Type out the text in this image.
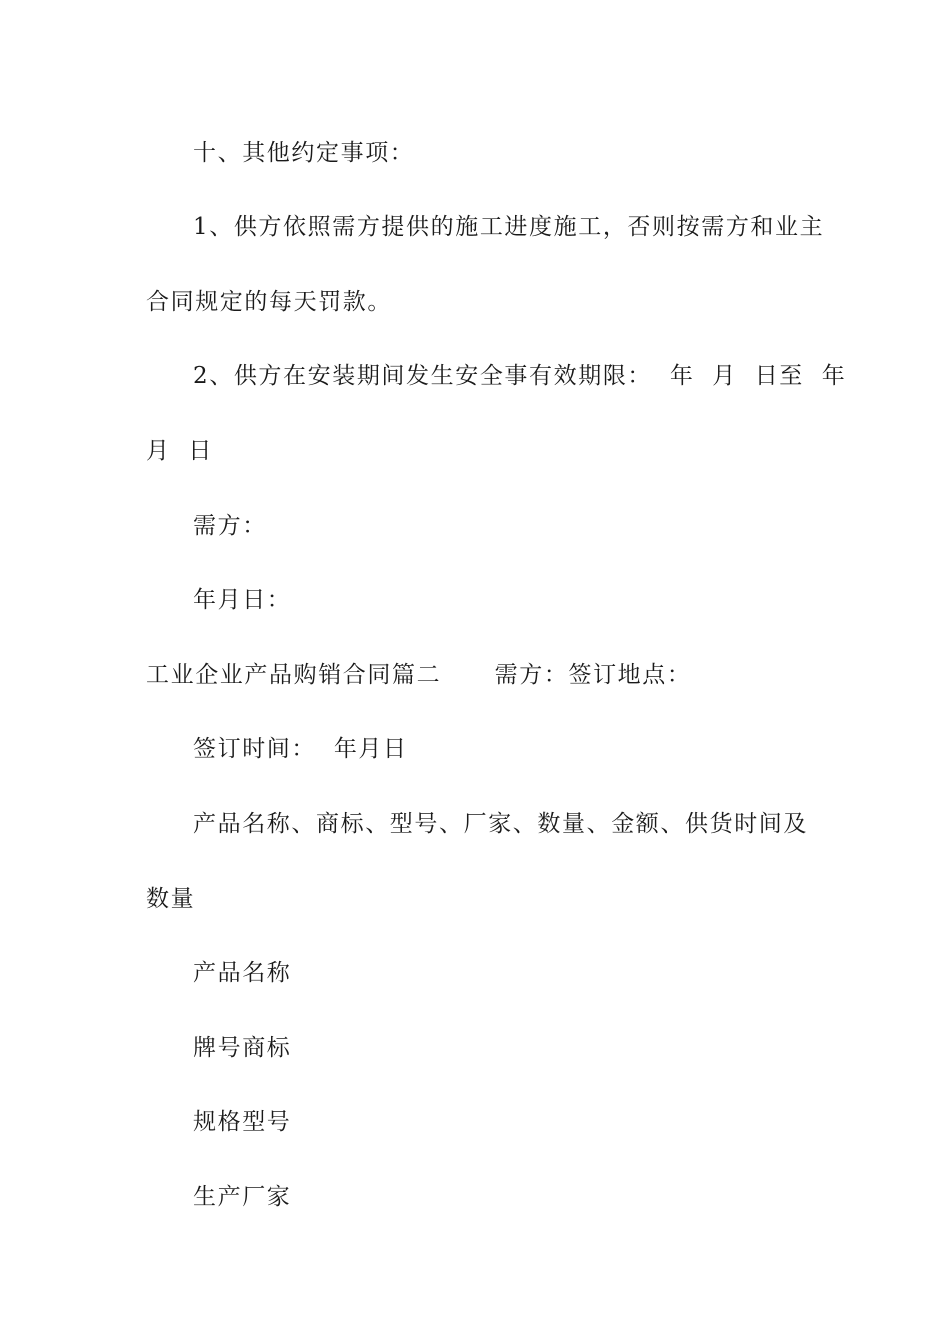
十、其他约定事项：
1、供方依照需方提供的施工进度施工，否则按需方和业主
合同规定的每天罚款。
2、供方在安装期间发生安全事有效期限：  年  月  日至  年
月  日
需方：
年月日：
工业企业产品购销合同篇二      需方：签订地点：
签订时间：  年月日
产品名称、商标、型号、厂家、数量、金额、供货时间及
数量
产品名称
牌号商标
规格型号
生产厂家
